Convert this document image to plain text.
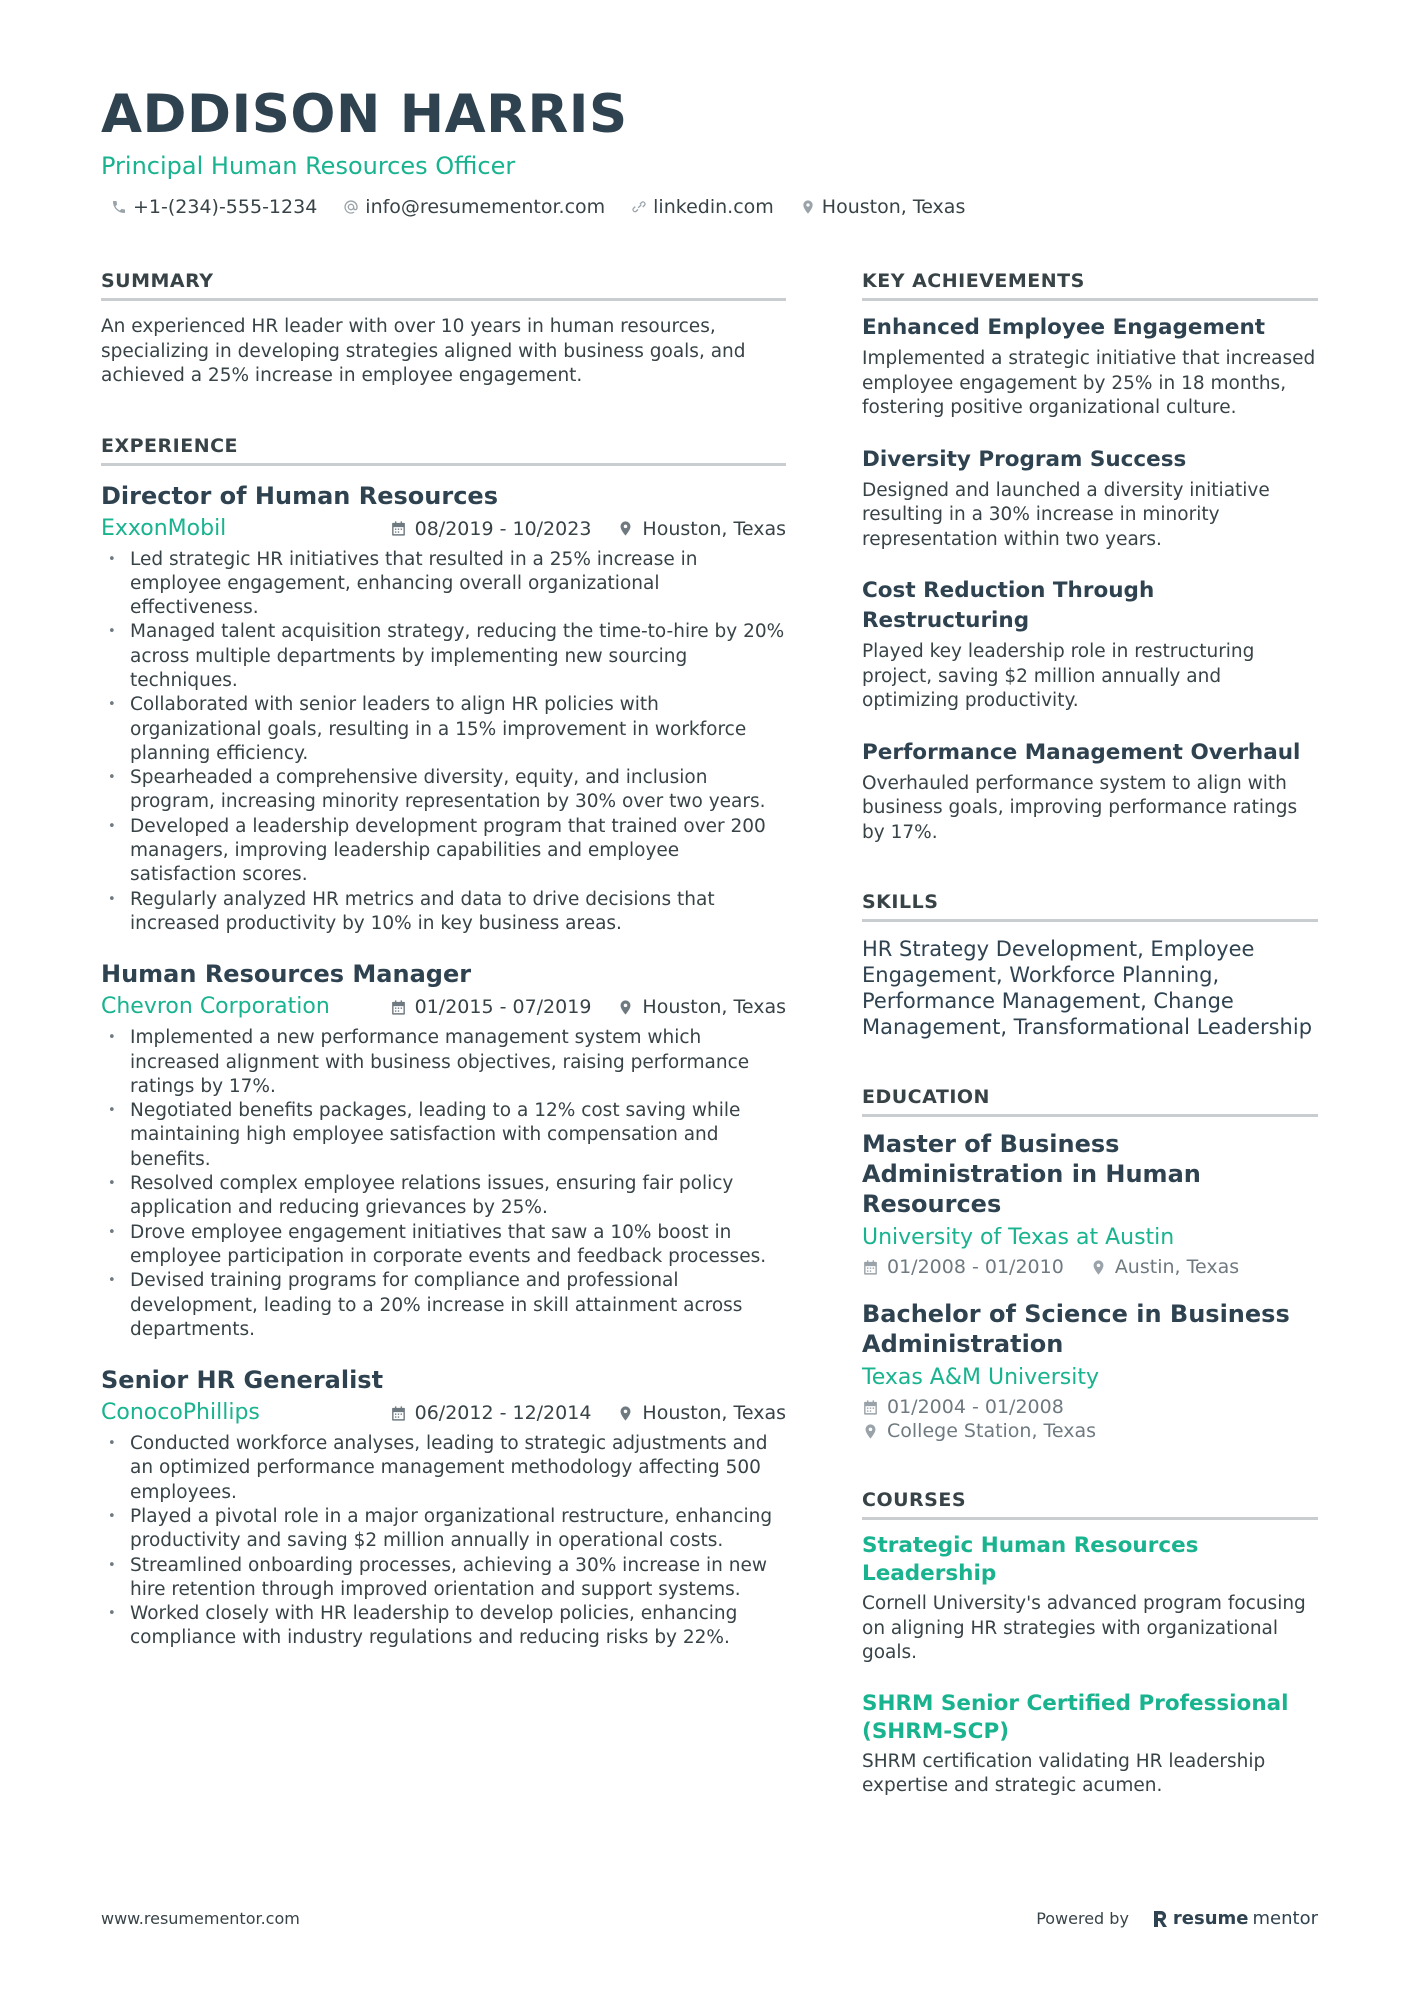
ADDISON HARRIS
Principal Human Resources Officer
+1-(234)-555-1234	info@resumementor.com	linkedin.com	Houston, Texas
SUMMARY

An experienced HR leader with over 10 years in human resources, specializing in developing strategies aligned with business goals, and achieved a 25% increase in employee engagement.

EXPERIENCE
Director of Human Resources
ExxonMobil	08/2019 - 10/2023	Houston, Texas
• Led strategic HR initiatives that resulted in a 25% increase in employee engagement, enhancing overall organizational effectiveness.
• Managed talent acquisition strategy, reducing the time-to-hire by 20% across multiple departments by implementing new sourcing techniques.
• Collaborated with senior leaders to align HR policies with organizational goals, resulting in a 15% improvement in workforce planning efficiency.
• Spearheaded a comprehensive diversity, equity, and inclusion program, increasing minority representation by 30% over two years.
• Developed a leadership development program that trained over 200 managers, improving leadership capabilities and employee satisfaction scores.
• Regularly analyzed HR metrics and data to drive decisions that increased productivity by 10% in key business areas.
Human Resources Manager
Chevron Corporation	01/2015 - 07/2019	Houston, Texas
• Implemented a new performance management system which increased alignment with business objectives, raising performance ratings by 17%.
• Negotiated benefits packages, leading to a 12% cost saving while maintaining high employee satisfaction with compensation and benefits.
• Resolved complex employee relations issues, ensuring fair policy application and reducing grievances by 25%.
• Drove employee engagement initiatives that saw a 10% boost in employee participation in corporate events and feedback processes.
• Devised training programs for compliance and professional development, leading to a 20% increase in skill attainment across departments.
Senior HR Generalist
ConocoPhillips	06/2012 - 12/2014	Houston, Texas
• Conducted workforce analyses, leading to strategic adjustments and an optimized performance management methodology affecting 500 employees.
• Played a pivotal role in a major organizational restructure, enhancing productivity and saving $2 million annually in operational costs.
• Streamlined onboarding processes, achieving a 30% increase in new hire retention through improved orientation and support systems.
• Worked closely with HR leadership to develop policies, enhancing compliance with industry regulations and reducing risks by 22%.
KEY ACHIEVEMENTS
Enhanced Employee Engagement

Implemented a strategic initiative that increased employee engagement by 25% in 18 months, fostering positive organizational culture.

Diversity Program Success

Designed and launched a diversity initiative resulting in a 30% increase in minority representation within two years.

Cost Reduction Through Restructuring

Played key leadership role in restructuring project, saving $2 million annually and optimizing productivity.

Performance Management Overhaul

Overhauled performance system to align with business goals, improving performance ratings by 17%.

SKILLS

HR Strategy Development, Employee Engagement, Workforce Planning, Performance Management, Change Management, Transformational Leadership

EDUCATION
Master of Business Administration in Human Resources
University of Texas at Austin
01/2008 - 01/2010	Austin, Texas
Bachelor of Science in Business Administration
Texas A&M University
01/2004 - 01/2008
College Station, Texas
COURSES
Strategic Human Resources Leadership

Cornell University's advanced program focusing on aligning HR strategies with organizational goals.

SHRM Senior Certified Professional (SHRM-SCP)

SHRM certification validating HR leadership expertise and strategic acumen.

www.resumementor.com	Powered by resume mentor
